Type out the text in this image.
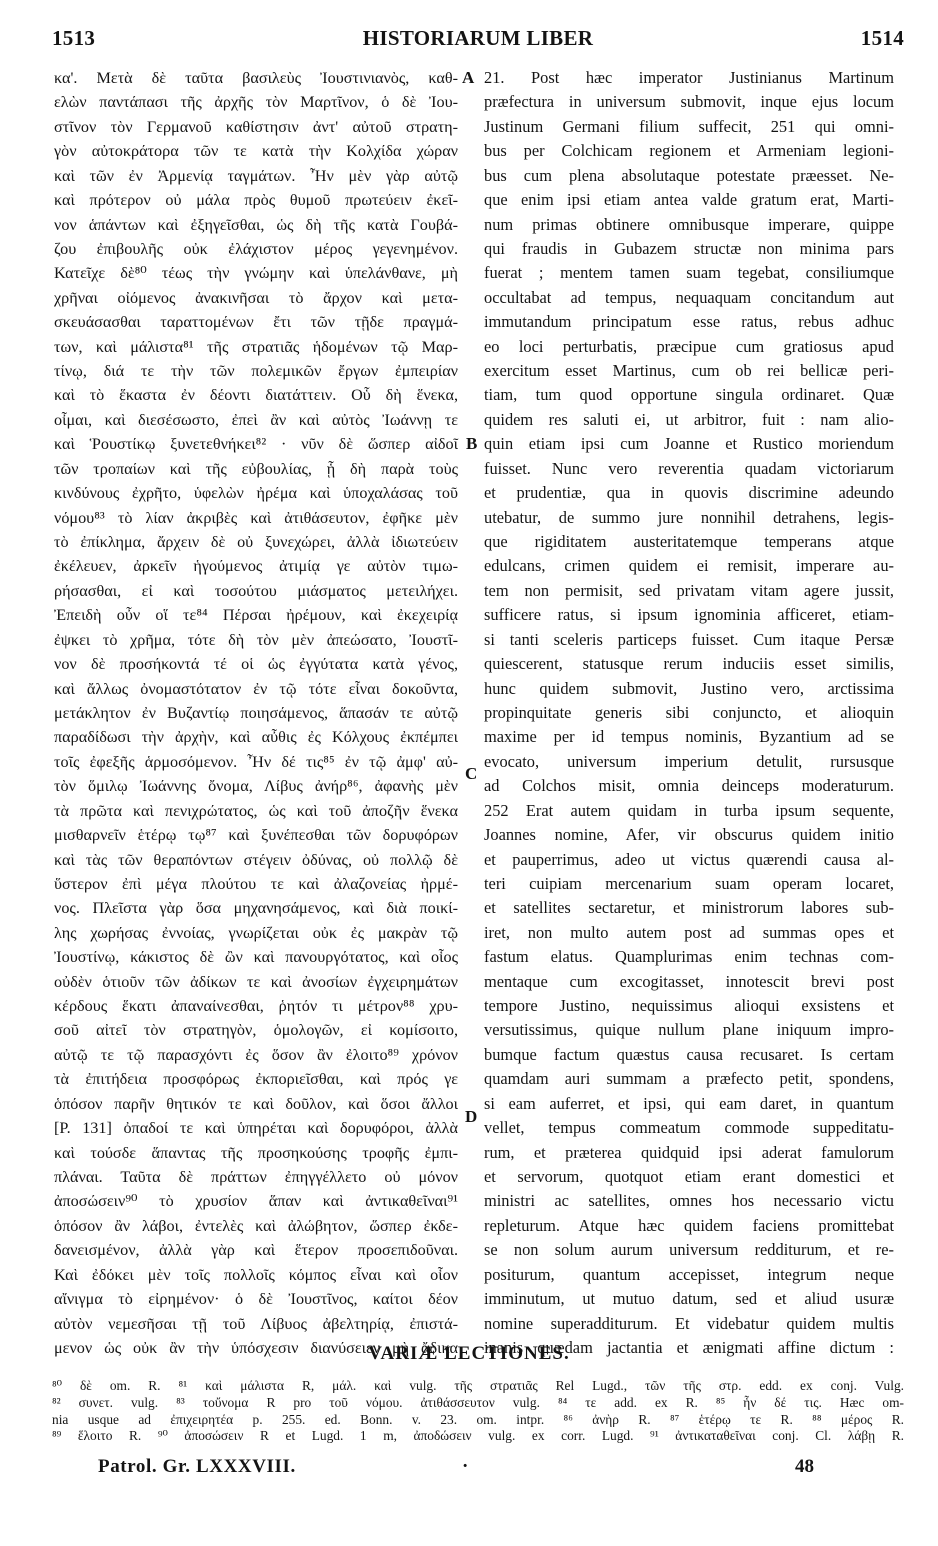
1513	HISTORIARUM LIBER	1514
κα'. Μετὰ δὲ ταῦτα βασιλεὺς Ἰουστινιανὸς, καθ-
ελὼν παντάπασι τῆς ἀρχῆς τὸν Μαρτῖνον, ὁ δὲ Ἰου-
στῖνον τὸν Γερμανοῦ καθίστησιν ἀντ' αὐτοῦ στρατη-
γὸν αὐτοκράτορα τῶν τε κατὰ τὴν Κολχίδα χώραν
καὶ τῶν ἐν Ἀρμενίᾳ ταγμάτων. Ἦν μὲν γὰρ αὐτῷ
καὶ πρότερον οὐ μάλα πρὸς θυμοῦ πρωτεύειν ἐκεῖ-
νον ἁπάντων καὶ ἐξηγεῖσθαι, ὡς δὴ τῆς κατὰ Γουβά-
ζου ἐπιβουλῆς οὐκ ἐλάχιστον μέρος γεγενημένον.
Κατεῖχε δὲ⁸⁰ τέως τὴν γνώμην καὶ ὑπελάνθανε, μὴ
χρῆναι οἰόμενος ἀνακινῆσαι τὸ ἄρχον καὶ μετα-
σκευάσασθαι ταραττομένων ἔτι τῶν τῇδε πραγμά-
των, καὶ μάλιστα⁸¹ τῆς στρατιᾶς ἡδομένων τῷ Μαρ-
τίνῳ, διά τε τὴν τῶν πολεμικῶν ἔργων ἐμπειρίαν
καὶ τὸ ἕκαστα ἐν δέοντι διατάττειν. Οὗ δὴ ἕνεκα,
οἶμαι, καὶ διεσέσωστο, ἐπεὶ ἂν καὶ αὐτὸς Ἰωάννῃ τε
καὶ Ῥουστίκῳ ξυνετεθνήκει⁸² · νῦν δὲ ὥσπερ αἰδοῖ
τῶν τροπαίων καὶ τῆς εὐβουλίας, ᾗ δὴ παρὰ τοὺς
κινδύνους ἐχρῆτο, ὑφελὼν ἠρέμα καὶ ὑποχαλάσας τοῦ
νόμου⁸³ τὸ λίαν ἀκριβὲς καὶ ἀτιθάσευτον, ἐφῆκε μὲν
τὸ ἐπίκλημα, ἄρχειν δὲ οὐ ξυνεχώρει, ἀλλὰ ἰδιωτεύειν
ἐκέλευεν, ἀρκεῖν ἡγούμενος ἀτιμίᾳ γε αὐτὸν τιμω-
ρήσασθαι, εἰ καὶ τοσούτου μιάσματος μετειλήχει.
Ἐπειδὴ οὖν οἵ τε⁸⁴ Πέρσαι ἠρέμουν, καὶ ἐκεχειρίᾳ
ἐψκει τὸ χρῆμα, τότε δὴ τὸν μὲν ἀπεώσατο, Ἰουστῖ-
νον δὲ προσήκοντά τέ οἱ ὡς ἐγγύτατα κατὰ γένος,
καὶ ἄλλως ὀνομαστότατον ἐν τῷ τότε εἶναι δοκοῦντα,
μετάκλητον ἐν Βυζαντίῳ ποιησάμενος, ἅπασάν τε αὐτῷ
παραδίδωσι τὴν ἀρχὴν, καὶ αὖθις ἐς Κόλχους ἐκπέμπει
τοῖς ἐφεξῆς ἁρμοσόμενον. Ἦν δέ τις⁸⁵ ἐν τῷ ἀμφ' αὐ-
τὸν ὅμιλῳ Ἰωάννης ὄνομα, Λίβυς ἀνήρ⁸⁶, ἀφανὴς μὲν
τὰ πρῶτα καὶ πενιχρώτατος, ὡς καὶ τοῦ ἀποζῆν ἕνεκα
μισθαρνεῖν ἑτέρῳ τῳ⁸⁷ καὶ ξυνέπεσθαι τῶν δορυφόρων
καὶ τὰς τῶν θεραπόντων στέγειν ὀδύνας, οὐ πολλῷ δὲ
ὕστερον ἐπὶ μέγα πλούτου τε καὶ ἀλαζονείας ἠρμέ-
νος. Πλεῖστα γὰρ ὅσα μηχανησάμενος, καὶ διὰ ποικί-
λης χωρήσας ἐννοίας, γνωρίζεται οὐκ ἐς μακρὰν τῷ
Ἰουστίνῳ, κάκιστος δὲ ὢν καὶ πανουργότατος, καὶ οἷος
οὐδὲν ὁτιοῦν τῶν ἀδίκων τε καὶ ἀνοσίων ἐγχειρημάτων
κέρδους ἕκατι ἀπαναίνεσθαι, ῥητόν τι μέτρον⁸⁸ χρυ-
σοῦ αἰτεῖ τὸν στρατηγὸν, ὁμολογῶν, εἰ κομίσοιτο,
αὐτῷ τε τῷ παρασχόντι ἐς ὅσον ἂν ἐλοιτο⁸⁹ χρόνον
τὰ ἐπιτήδεια προσφόρως ἐκποριεῖσθαι, καὶ πρός γε
ὁπόσον παρῆν θητικόν τε καὶ δοῦλον, καὶ ὅσοι ἄλλοι
[P. 131] ὀπαδοί τε καὶ ὑπηρέται καὶ δορυφόροι, ἀλλὰ
καὶ τούσδε ἅπαντας τῆς προσηκούσης τροφῆς ἐμπι-
πλάναι. Ταῦτα δὲ πράττων ἐπηγγέλλετο οὐ μόνον
ἀποσώσειν⁹⁰ τὸ χρυσίον ἅπαν καὶ ἀντικαθεῖναι⁹¹
ὁπόσον ἂν λάβοι, ἐντελὲς καὶ ἀλώβητον, ὥσπερ ἐκδε-
δανεισμένον, ἀλλὰ γὰρ καὶ ἕτερον προσεπιδοῦναι.
Καὶ ἐδόκει μὲν τοῖς πολλοῖς κόμπος εἶναι καὶ οἷον
αἴνιγμα τὸ εἰρημένον· ὁ δὲ Ἰουστῖνος, καίτοι δέον
αὐτὸν νεμεσῆσαι τῇ τοῦ Λίβυος ἀβελτηρίᾳ, ἐπιστά-
μενον ὡς οὐκ ἂν τὴν ὑπόσχεσιν διανύσειεν μὴ ἄδικα
21. Post hæc imperator Justinianus Martinum
præfectura in universum submovit, inque ejus locum
Justinum Germani filium suffecit, 251 qui omni-
bus per Colchicam regionem et Armeniam legioni-
bus cum plena absolutaque potestate præesset. Ne-
que enim ipsi etiam antea valde gratum erat, Marti-
num primas obtinere omnibusque imperare, quippe
qui fraudis in Gubazem structæ non minima pars
fuerat ; mentem tamen suam tegebat, consiliumque
occultabat ad tempus, nequaquam concitandum aut
immutandum principatum esse ratus, rebus adhuc
eo loci perturbatis, præcipue cum gratiosus apud
exercitum esset Martinus, cum ob rei bellicæ peri-
tiam, tum quod opportune singula ordinaret. Quæ
quidem res saluti ei, ut arbitror, fuit : nam alio-
quin etiam ipsi cum Joanne et Rustico moriendum
fuisset. Nunc vero reverentia quadam victoriarum
et prudentiæ, qua in quovis discrimine adeundo
utebatur, de summo jure nonnihil detrahens, legis-
que rigiditatem austeritatemque temperans atque
edulcans, crimen quidem ei remisit, imperare au-
tem non permisit, sed privatam vitam agere jussit,
sufficere ratus, si ipsum ignominia afficeret, etiam-
si tanti sceleris particeps fuisset. Cum itaque Persæ
quiescerent, statusque rerum induciis esset similis,
hunc quidem submovit, Justino vero, arctissima
propinquitate generis sibi conjuncto, et alioquin
maxime per id tempus nominis, Byzantium ad se
evocato, universum imperium detulit, rursusque
ad Colchos misit, omnia deinceps moderaturum.
252 Erat autem quidam in turba ipsum sequente,
Joannes nomine, Afer, vir obscurus quidem initio
et pauperrimus, adeo ut victus quærendi causa al-
teri cuipiam mercenarium suam operam locaret,
et satellites sectaretur, et ministrorum labores sub-
iret, non multo autem post ad summas opes et
fastum elatus. Quamplurimas enim technas com-
mentaque cum excogitasset, innotescit brevi post
tempore Justino, nequissimus alioqui exsistens et
versutissimus, quique nullum plane iniquum impro-
bumque factum quæstus causa recusaret. Is certam
quamdam auri summam a præfecto petit, spondens,
si eam auferret, et ipsi, qui eam daret, in quantum
vellet, tempus commeatum commode suppeditatu-
rum, et præterea quidquid ipsi aderat famulorum
et servorum, quotquot etiam erant domestici et
ministri ac satellites, omnes hos necessario victu
repleturum. Atque hæc quidem faciens promittebat
se non solum aurum universum redditurum, et re-
positurum, quantum accepisset, integrum neque
imminutum, ut mutuo datum, sed et aliud usuræ
nomine superadditurum. Et videbatur quidem multis
inanis quædam jactantia et ænigmati affine dictum :
A
B
C
D
VARIÆ LECTIONES.
⁸⁰ δὲ om. R. ⁸¹ καὶ μάλιστα R, μάλ. καὶ vulg. τῆς στρατιᾶς Rel Lugd., τῶν τῆς στρ. edd. ex conj. Vulg.
⁸² συνετ. vulg. ⁸³ τοὔνομα R pro τοῦ νόμου. ἀτιθάσσευτον vulg. ⁸⁴ τε add. ex R. ⁸⁵ ἦν δέ τις. Hæc om-
nia usque ad ἐπιχειρητέα p. 255. ed. Bonn. v. 23. om. intpr. ⁸⁶ ἀνὴρ R. ⁸⁷ ἑτέρῳ τε R. ⁸⁸ μέρος R.
⁸⁹ ἕλοιτο R. ⁹⁰ ἀποσώσειν R et Lugd. 1 m, ἀποδώσειν vulg. ex corr. Lugd. ⁹¹ ἀντικαταθεῖναι conj. Cl. λάβῃ R.
Patrol. Gr. LXXXVIII.	·	48
